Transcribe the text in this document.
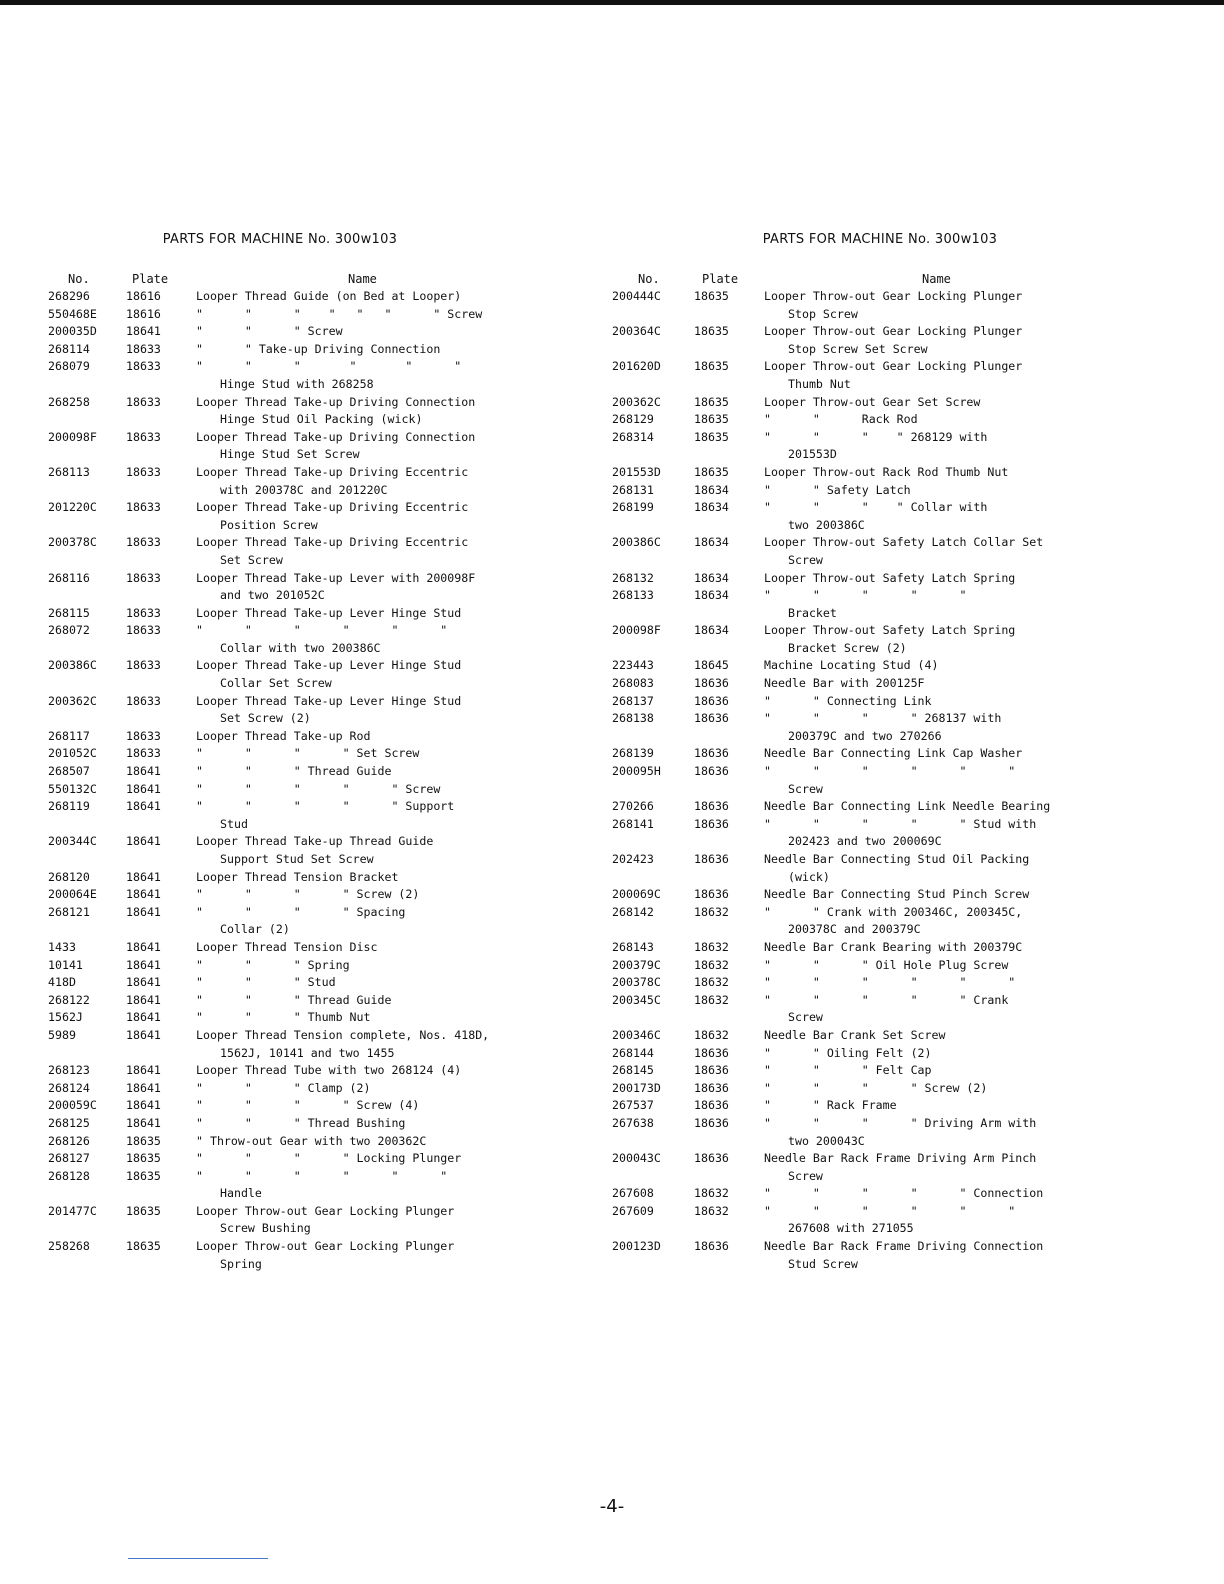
PARTS FOR MACHINE No. 300w103
No.	Plate	Name
268296	18616	Looper Thread Guide (on Bed at Looper)
550468E	18616	"      "      "    "   "   "      " Screw
200035D	18641	"      "      " Screw
268114	18633	"      " Take-up Driving Connection
268079	18633	"      "      "       "       "      "
Hinge Stud with 268258
268258	18633	Looper Thread Take-up Driving Connection
Hinge Stud Oil Packing (wick)
200098F	18633	Looper Thread Take-up Driving Connection
Hinge Stud Set Screw
268113	18633	Looper Thread Take-up Driving Eccentric
with 200378C and 201220C
201220C	18633	Looper Thread Take-up Driving Eccentric
Position Screw
200378C	18633	Looper Thread Take-up Driving Eccentric
Set Screw
268116	18633	Looper Thread Take-up Lever with 200098F
and two 201052C
268115	18633	Looper Thread Take-up Lever Hinge Stud
268072	18633	"      "      "      "      "      "
Collar with two 200386C
200386C	18633	Looper Thread Take-up Lever Hinge Stud
Collar Set Screw
200362C	18633	Looper Thread Take-up Lever Hinge Stud
Set Screw (2)
268117	18633	Looper Thread Take-up Rod
201052C	18633	"      "      "      " Set Screw
268507	18641	"      "      " Thread Guide
550132C	18641	"      "      "      "      " Screw
268119	18641	"      "      "      "      " Support
Stud
200344C	18641	Looper Thread Take-up Thread Guide
Support Stud Set Screw
268120	18641	Looper Thread Tension Bracket
200064E	18641	"      "      "      " Screw (2)
268121	18641	"      "      "      " Spacing
Collar (2)
1433	18641	Looper Thread Tension Disc
10141	18641	"      "      " Spring
418D	18641	"      "      " Stud
268122	18641	"      "      " Thread Guide
1562J	18641	"      "      " Thumb Nut
5989	18641	Looper Thread Tension complete, Nos. 418D,
1562J, 10141 and two 1455
268123	18641	Looper Thread Tube with two 268124 (4)
268124	18641	"      "      " Clamp (2)
200059C	18641	"      "      "      " Screw (4)
268125	18641	"      "      " Thread Bushing
268126	18635	" Throw-out Gear with two 200362C
268127	18635	"      "      "      " Locking Plunger
268128	18635	"      "      "      "      "      "
Handle
201477C	18635	Looper Throw-out Gear Locking Plunger
Screw Bushing
258268	18635	Looper Throw-out Gear Locking Plunger
Spring
PARTS FOR MACHINE No. 300w103
No.	Plate	Name
200444C	18635	Looper Throw-out Gear Locking Plunger
Stop Screw
200364C	18635	Looper Throw-out Gear Locking Plunger
Stop Screw Set Screw
201620D	18635	Looper Throw-out Gear Locking Plunger
Thumb Nut
200362C	18635	Looper Throw-out Gear Set Screw
268129	18635	"      "      Rack Rod
268314	18635	"      "      "    " 268129 with
201553D
201553D	18635	Looper Throw-out Rack Rod Thumb Nut
268131	18634	"      " Safety Latch
268199	18634	"      "      "    " Collar with
two 200386C
200386C	18634	Looper Throw-out Safety Latch Collar Set
Screw
268132	18634	Looper Throw-out Safety Latch Spring
268133	18634	"      "      "      "      "
Bracket
200098F	18634	Looper Throw-out Safety Latch Spring
Bracket Screw (2)
223443	18645	Machine Locating Stud (4)
268083	18636	Needle Bar with 200125F
268137	18636	"      " Connecting Link
268138	18636	"      "      "      " 268137 with
200379C and two 270266
268139	18636	Needle Bar Connecting Link Cap Washer
200095H	18636	"      "      "      "      "      "
Screw
270266	18636	Needle Bar Connecting Link Needle Bearing
268141	18636	"      "      "      "      " Stud with
202423 and two 200069C
202423	18636	Needle Bar Connecting Stud Oil Packing
(wick)
200069C	18636	Needle Bar Connecting Stud Pinch Screw
268142	18632	"      " Crank with 200346C, 200345C,
200378C and 200379C
268143	18632	Needle Bar Crank Bearing with 200379C
200379C	18632	"      "      " Oil Hole Plug Screw
200378C	18632	"      "      "      "      "      "
200345C	18632	"      "      "      "      " Crank
Screw
200346C	18632	Needle Bar Crank Set Screw
268144	18636	"      " Oiling Felt (2)
268145	18636	"      "      " Felt Cap
200173D	18636	"      "      "      " Screw (2)
267537	18636	"      " Rack Frame
267638	18636	"      "      "      " Driving Arm with
two 200043C
200043C	18636	Needle Bar Rack Frame Driving Arm Pinch
Screw
267608	18632	"      "      "      "      " Connection
267609	18632	"      "      "      "      "      "
267608 with 271055
200123D	18636	Needle Bar Rack Frame Driving Connection
Stud Screw
-4-
